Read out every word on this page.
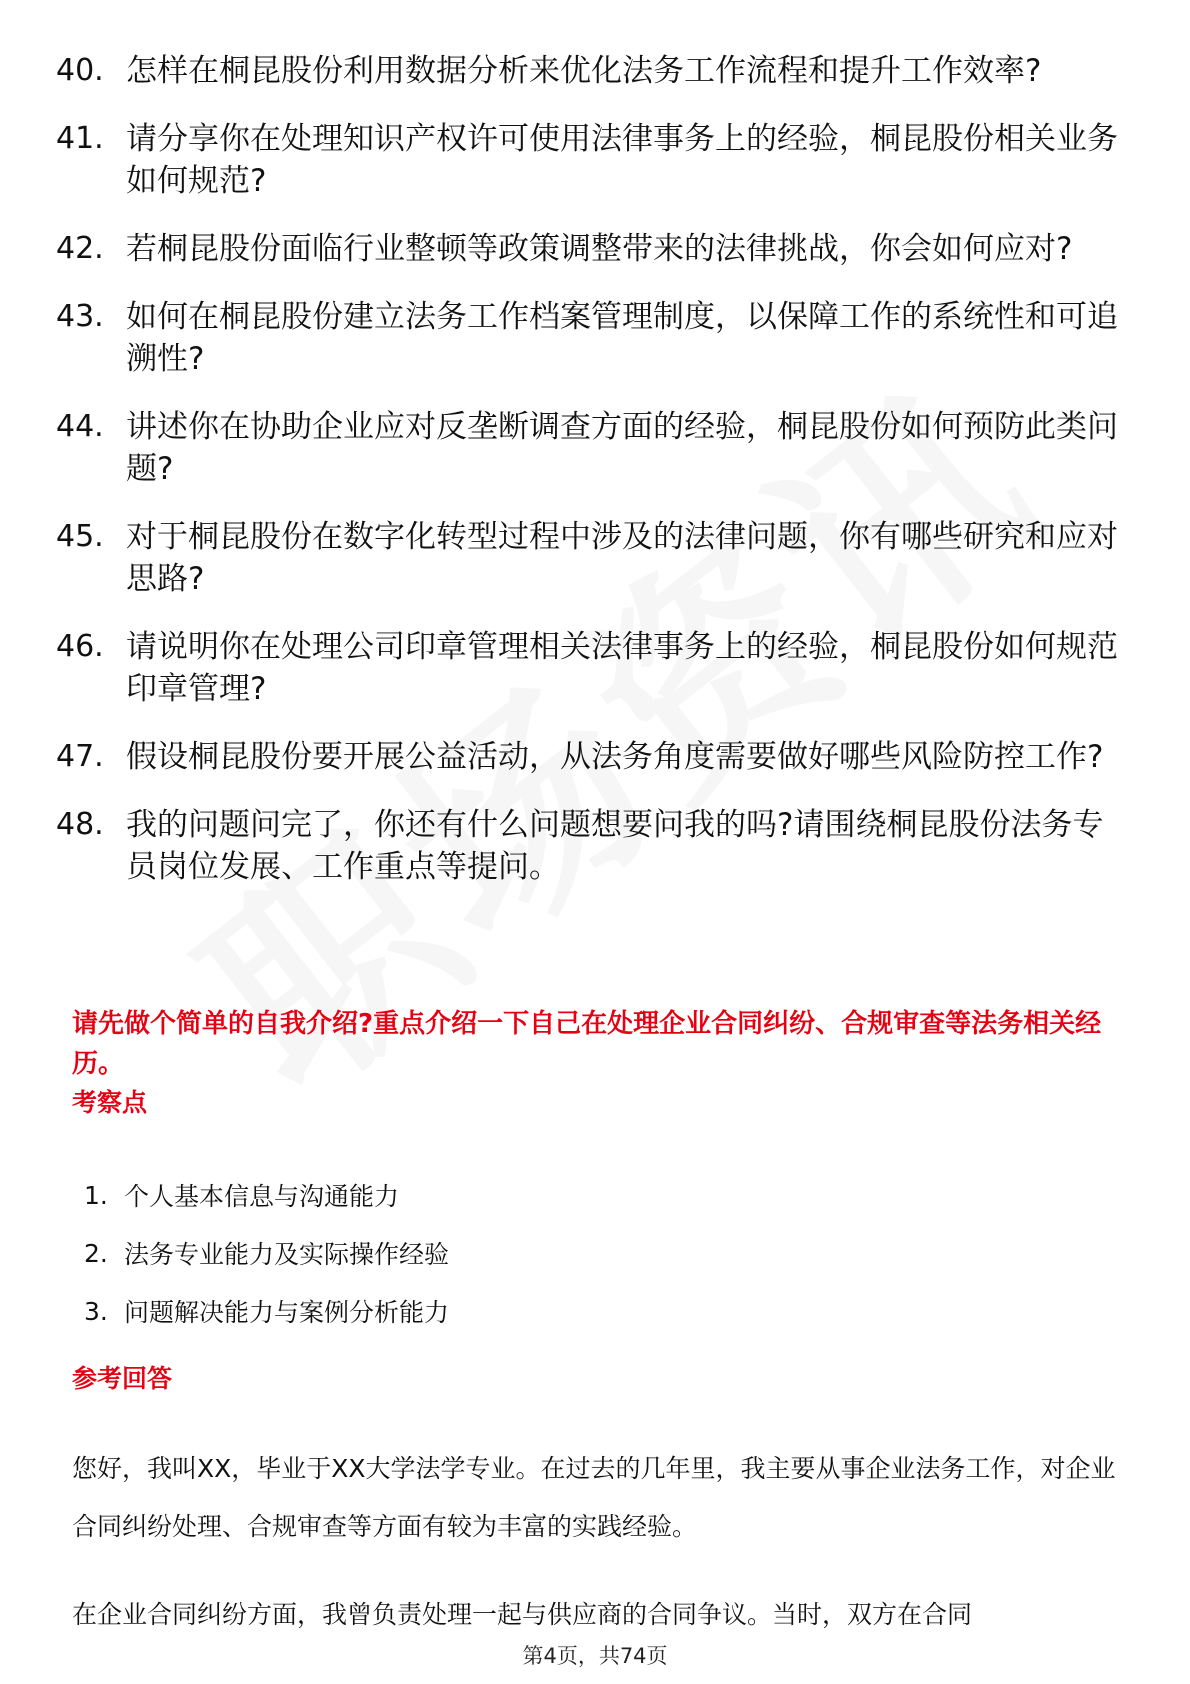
40. 怎样在桐昆股份利用数据分析来优化法务工作流程和提升工作效率?
41. 请分享你在处理知识产权许可使用法律事务上的经验，桐昆股份相关业务如何规范?
42. 若桐昆股份面临行业整顿等政策调整带来的法律挑战，你会如何应对?
43. 如何在桐昆股份建立法务工作档案管理制度，以保障工作的系统性和可追溯性?
44. 讲述你在协助企业应对反垄断调查方面的经验，桐昆股份如何预防此类问题?
45. 对于桐昆股份在数字化转型过程中涉及的法律问题，你有哪些研究和应对思路?
46. 请说明你在处理公司印章管理相关法律事务上的经验，桐昆股份如何规范印章管理?
47. 假设桐昆股份要开展公益活动，从法务角度需要做好哪些风险防控工作?
48. 我的问题问完了，你还有什么问题想要问我的吗?请围绕桐昆股份法务专员岗位发展、工作重点等提问。
请先做个简单的自我介绍?重点介绍一下自己在处理企业合同纠纷、合规审查等法务相关经历。
考察点
1. 个人基本信息与沟通能力
2. 法务专业能力及实际操作经验
3. 问题解决能力与案例分析能力
参考回答
您好，我叫XX，毕业于XX大学法学专业。在过去的几年里，我主要从事企业法务工作，对企业合同纠纷处理、合规审查等方面有较为丰富的实践经验。
在企业合同纠纷方面，我曾负责处理一起与供应商的合同争议。当时，双方在合同
第4页，共74页
